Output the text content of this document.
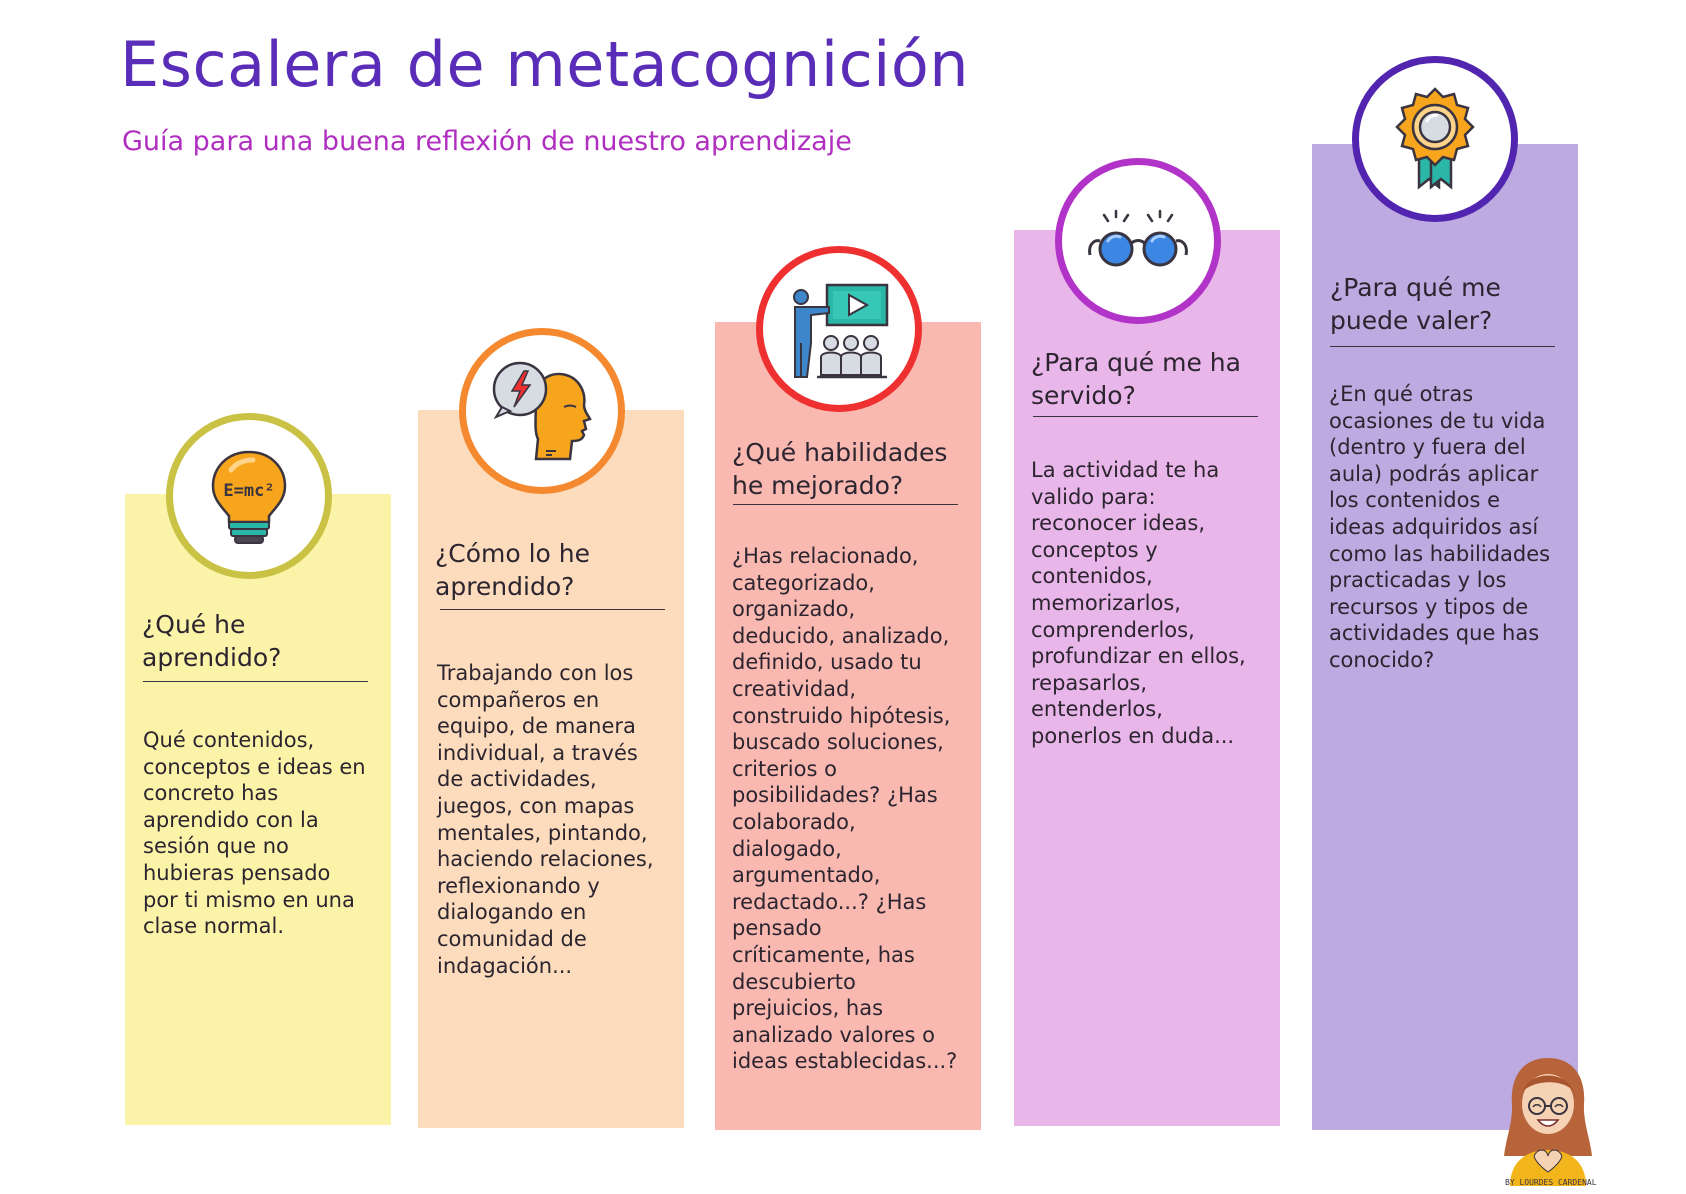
Escalera de metacognición
Guía para una buena reflexión de nuestro aprendizaje
E=mc²
¿Qué he
aprendido?
Qué contenidos,
conceptos e ideas en
concreto has
aprendido con la
sesión que no
hubieras pensado
por ti mismo en una
clase normal.
¿Cómo lo he
aprendido?
Trabajando con los
compañeros en
equipo, de manera
individual, a través
de actividades,
juegos, con mapas
mentales, pintando,
haciendo relaciones,
reflexionando y
dialogando en
comunidad de
indagación...
¿Qué habilidades
he mejorado?
¿Has relacionado,
categorizado,
organizado,
deducido, analizado,
definido, usado tu
creatividad,
construido hipótesis,
buscado soluciones,
criterios o
posibilidades? ¿Has
colaborado,
dialogado,
argumentado,
redactado...? ¿Has
pensado
críticamente, has
descubierto
prejuicios, has
analizado valores o
ideas establecidas...?
¿Para qué me ha
servido?
La actividad te ha
valido para:
reconocer ideas,
conceptos y
contenidos,
memorizarlos,
comprenderlos,
profundizar en ellos,
repasarlos,
entenderlos,
ponerlos en duda...
¿Para qué me
puede valer?
¿En qué otras
ocasiones de tu vida
(dentro y fuera del
aula) podrás aplicar
los contenidos e
ideas adquiridos así
como las habilidades
practicadas y los
recursos y tipos de
actividades que has
conocido?
BY LOURDES CARDENAL
